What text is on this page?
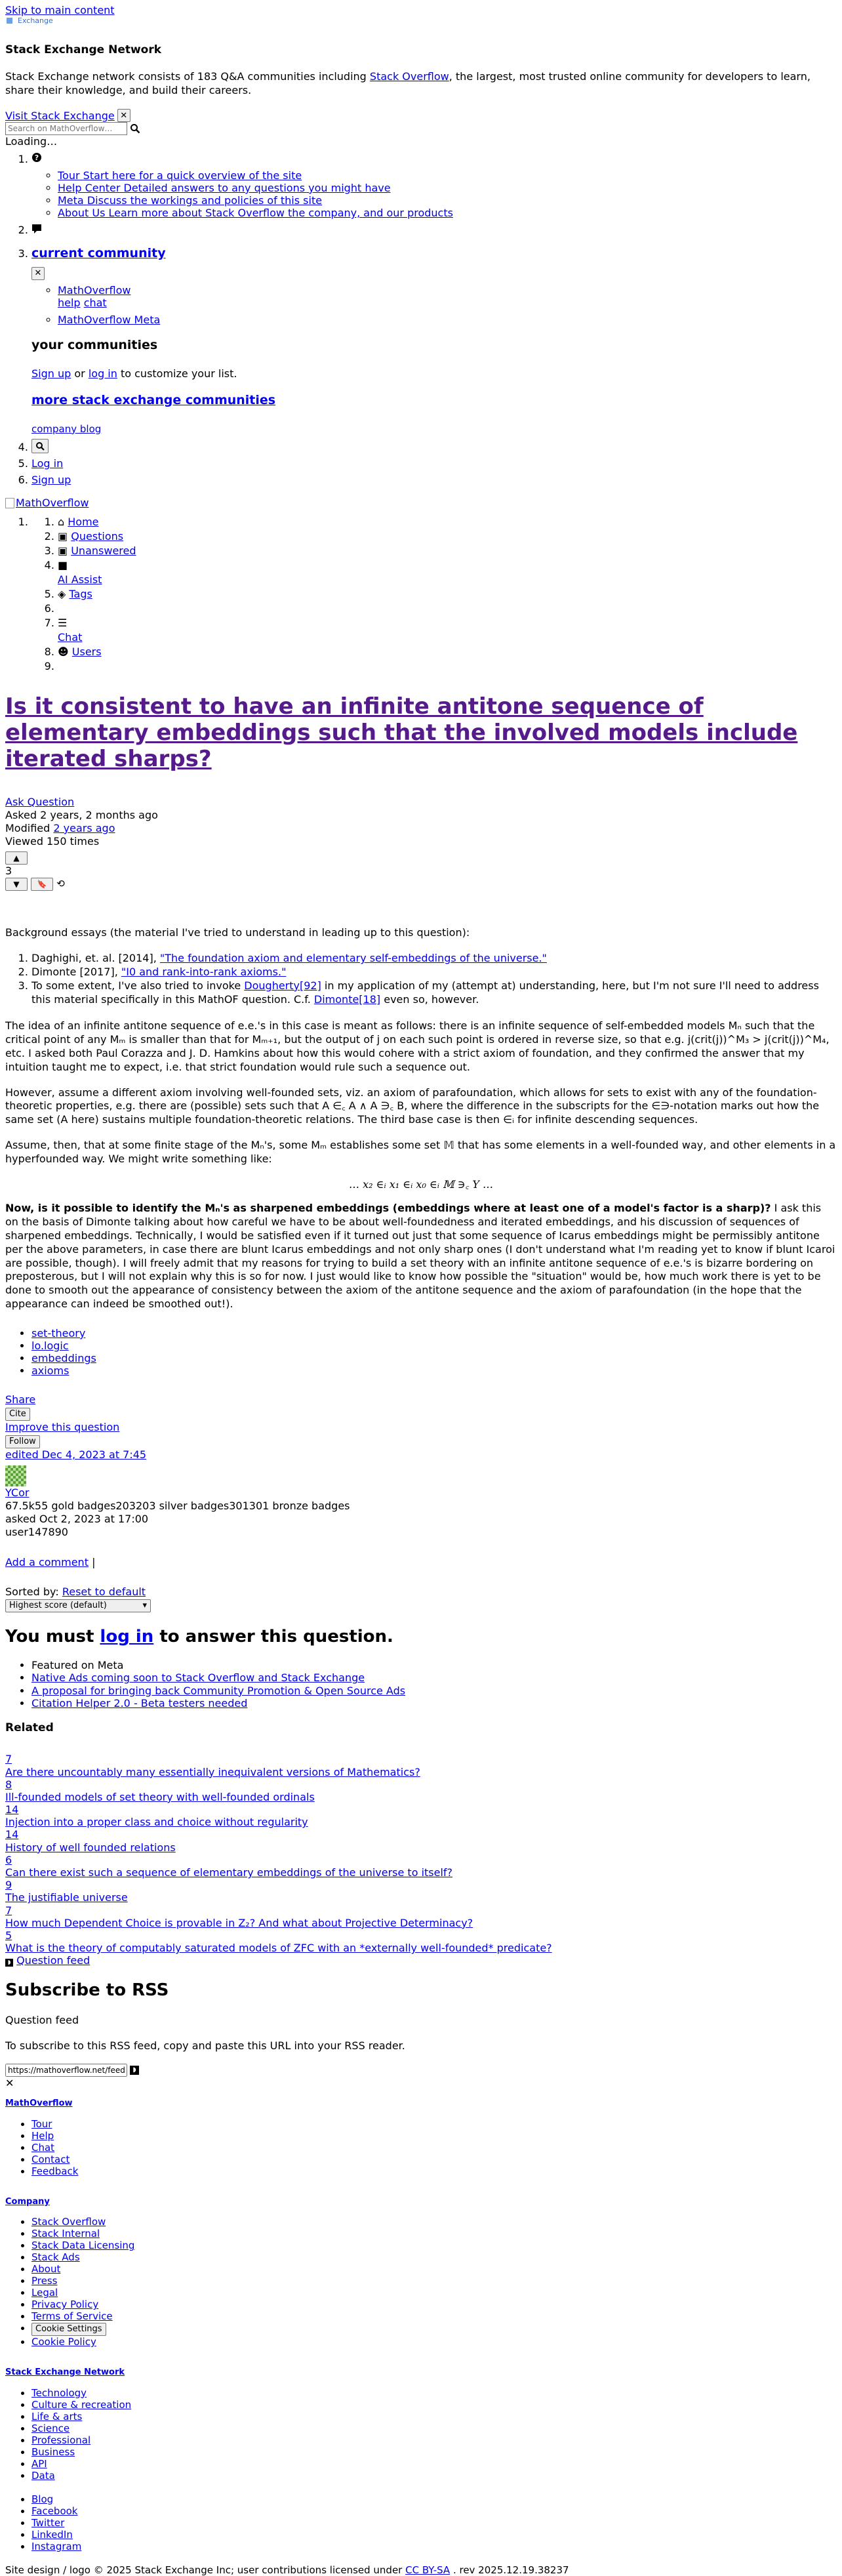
Skip to main content
Exchange
Stack Exchange Network
Stack Exchange network consists of 183 Q&A communities including Stack Overflow, the largest, most trusted online community for developers to learn, share their knowledge, and build their careers.
Visit Stack Exchange ✕
Search on MathOverflow…
Loading…
1. ?
◦ Tour Start here for a quick overview of the site
◦ Help Center Detailed answers to any questions you might have
◦ Meta Discuss the workings and policies of this site
◦ About Us Learn more about Stack Overflow the company, and our products
2.
3. current community
✕
◦ MathOverflow
help chat
◦ MathOverflow Meta
your communities
Sign up or log in to customize your list.
more stack exchange communities
company blog
4.
5. Log in
6. Sign up
MathOverflow
1. 1. ⌂ Home
2. ▣ Questions
3. ▣ Unanswered
4. ■
AI Assist
5. ◈ Tags
6.
7. ☰
Chat
8. ☻ Users
9.
Is it consistent to have an infinite antitone sequence of elementary embeddings such that the involved models include iterated sharps?
Ask Question
Asked 2 years, 2 months ago
Modified 2 years ago
Viewed 150 times
▲
3
▼ 🔖 ⟲

Background essays (the material I've tried to understand in leading up to this question):

1. Daghighi, et. al. [2014], "The foundation axiom and elementary self-embeddings of the universe."
2. Dimonte [2017], "I0 and rank-into-rank axioms."
3. To some extent, I've also tried to invoke Dougherty[92] in my application of my (attempt at) understanding, here, but I'm not sure I'll need to address this material specifically in this MathOF question. C.f. Dimonte[18] even so, however.

The idea of an infinite antitone sequence of e.e.'s in this case is meant as follows: there is an infinite sequence of self-embedded models Mₙ such that the critical point of any Mₘ is smaller than that for Mₘ₊₁, but the output of j on each such point is ordered in reverse size, so that e.g. j(crit(j))^M₃ > j(crit(j))^M₄, etc. I asked both Paul Corazza and J. D. Hamkins about how this would cohere with a strict axiom of foundation, and they confirmed the answer that my intuition taught me to expect, i.e. that strict foundation would rule such a sequence out.

However, assume a different axiom involving well-founded sets, viz. an axiom of parafoundation, which allows for sets to exist with any of the foundation-theoretic properties, e.g. there are (possible) sets such that A ∈꜀ A ∧ A ∋꜀ B, where the difference in the subscripts for the ∈∋-notation marks out how the same set (A here) sustains multiple foundation-theoretic relations. The third base case is then ∈ᵢ for infinite descending sequences.

Assume, then, that at some finite stage of the Mₙ's, some Mₘ establishes some set 𝕄 that has some elements in a well-founded way, and other elements in a hyperfounded way. We might write something like:

… x₂ ∈ᵢ x₁ ∈ᵢ x₀ ∈ᵢ 𝕄 ∋꜀ Y …

Now, is it possible to identify the Mₙ's as sharpened embeddings (embeddings where at least one of a model's factor is a sharp)? I ask this on the basis of Dimonte talking about how careful we have to be about well-foundedness and iterated embeddings, and his discussion of sequences of sharpened embeddings. Technically, I would be satisfied even if it turned out just that some sequence of Icarus embeddings might be permissibly antitone per the above parameters, in case there are blunt Icarus embeddings and not only sharp ones (I don't understand what I'm reading yet to know if blunt Icaroi are possible, though). I will freely admit that my reasons for trying to build a set theory with an infinite antitone sequence of e.e.'s is bizarre bordering on preposterous, but I will not explain why this is so for now. I just would like to know how possible the "situation" would be, how much work there is yet to be done to smooth out the appearance of consistency between the axiom of the antitone sequence and the axiom of parafoundation (in the hope that the appearance can indeed be smoothed out!).

• set-theory
• lo.logic
• embeddings
• axioms
Share
Cite
Improve this question
Follow
edited Dec 4, 2023 at 7:45
YCor
67.5k55 gold badges203203 silver badges301301 bronze badges
asked Oct 2, 2023 at 17:00
user147890
Add a comment |
Sorted by: Reset to default
Highest score (default)	▾
You must log in to answer this question.
• Featured on Meta
• Native Ads coming soon to Stack Overflow and Stack Exchange
• A proposal for bringing back Community Promotion & Open Source Ads
• Citation Helper 2.0 - Beta testers needed
Related
7
Are there uncountably many essentially inequivalent versions of Mathematics?
8
Ill-founded models of set theory with well-founded ordinals
14
Injection into a proper class and choice without regularity
14
History of well founded relations
6
Can there exist such a sequence of elementary embeddings of the universe to itself?
9
The justifiable universe
7
How much Dependent Choice is provable in Z₂? And what about Projective Determinacy?
5
What is the theory of computably saturated models of ZFC with an *externally well-founded* predicate?
◗ Question feed
Subscribe to RSS
Question feed

To subscribe to this RSS feed, copy and paste this URL into your RSS reader.

https://mathoverflow.net/feeds/question/455739
◗
✕
MathOverflow
• Tour
• Help
• Chat
• Contact
• Feedback
Company
• Stack Overflow
• Stack Internal
• Stack Data Licensing
• Stack Ads
• About
• Press
• Legal
• Privacy Policy
• Terms of Service
• Cookie Settings
• Cookie Policy
Stack Exchange Network
• Technology
• Culture & recreation
• Life & arts
• Science
• Professional
• Business
• API
• Data
• Blog
• Facebook
• Twitter
• LinkedIn
• Instagram
Site design / logo © 2025 Stack Exchange Inc; user contributions licensed under CC BY-SA . rev 2025.12.19.38237
